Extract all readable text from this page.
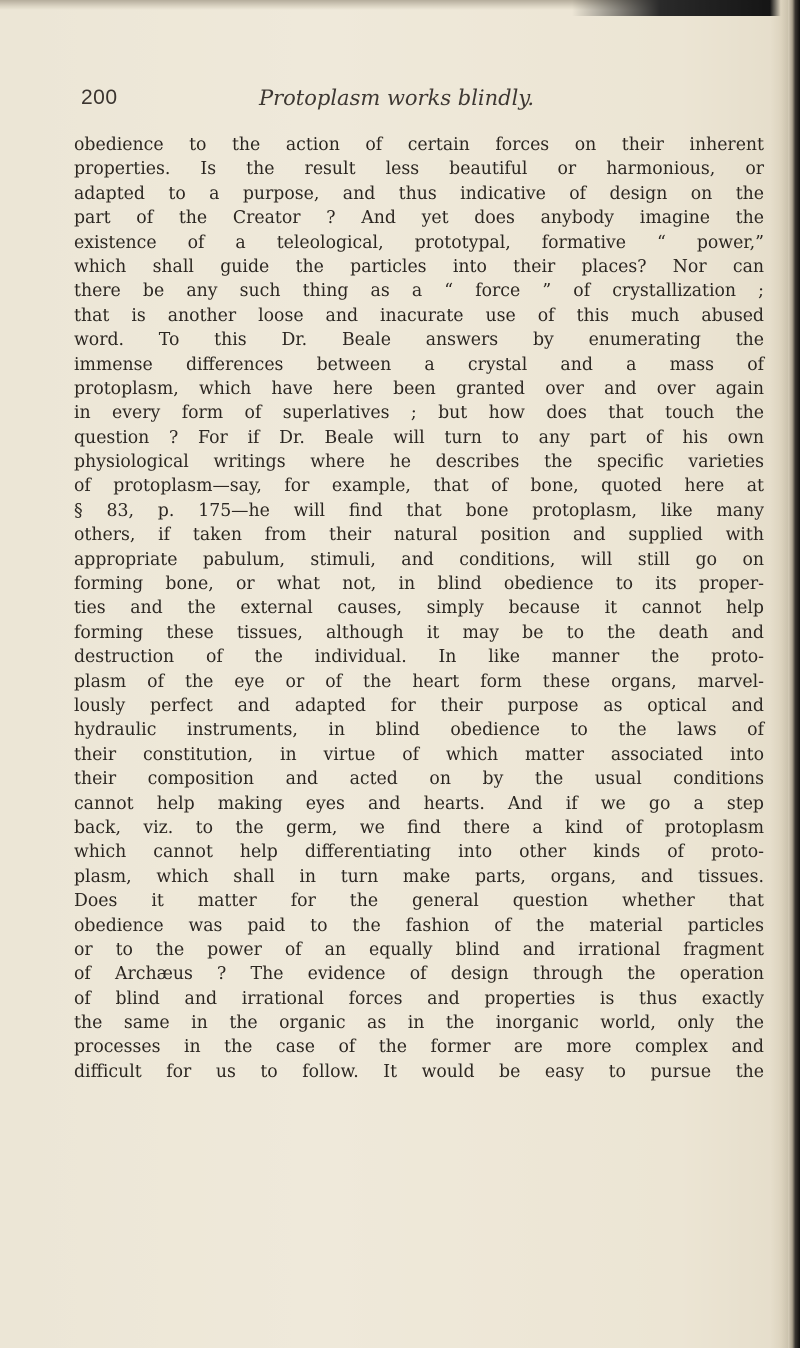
200	Protoplasm works blindly.
obedience to the action of certain forces on their inherent
properties. Is the result less beautiful or harmonious, or
adapted to a purpose, and thus indicative of design on the
part of the Creator ? And yet does anybody imagine the
existence of a teleological, prototypal, formative “ power,”
which shall guide the particles into their places? Nor can
there be any such thing as a “ force ” of crystallization ;
that is another loose and inacurate use of this much abused
word. To this Dr. Beale answers by enumerating the
immense differences between a crystal and a mass of
protoplasm, which have here been granted over and over again
in every form of superlatives ; but how does that touch the
question ? For if Dr. Beale will turn to any part of his own
physiological writings where he describes the specific varieties
of protoplasm—say, for example, that of bone, quoted here at
§ 83, p. 175—he will find that bone protoplasm, like many
others, if taken from their natural position and supplied with
appropriate pabulum, stimuli, and conditions, will still go on
forming bone, or what not, in blind obedience to its proper-
ties and the external causes, simply because it cannot help
forming these tissues, although it may be to the death and
destruction of the individual. In like manner the proto-
plasm of the eye or of the heart form these organs, marvel-
lously perfect and adapted for their purpose as optical and
hydraulic instruments, in blind obedience to the laws of
their constitution, in virtue of which matter associated into
their composition and acted on by the usual conditions
cannot help making eyes and hearts. And if we go a step
back, viz. to the germ, we find there a kind of protoplasm
which cannot help differentiating into other kinds of proto-
plasm, which shall in turn make parts, organs, and tissues.
Does it matter for the general question whether that
obedience was paid to the fashion of the material particles
or to the power of an equally blind and irrational fragment
of Archæus ? The evidence of design through the operation
of blind and irrational forces and properties is thus exactly
the same in the organic as in the inorganic world, only the
processes in the case of the former are more complex and
difficult for us to follow. It would be easy to pursue the
